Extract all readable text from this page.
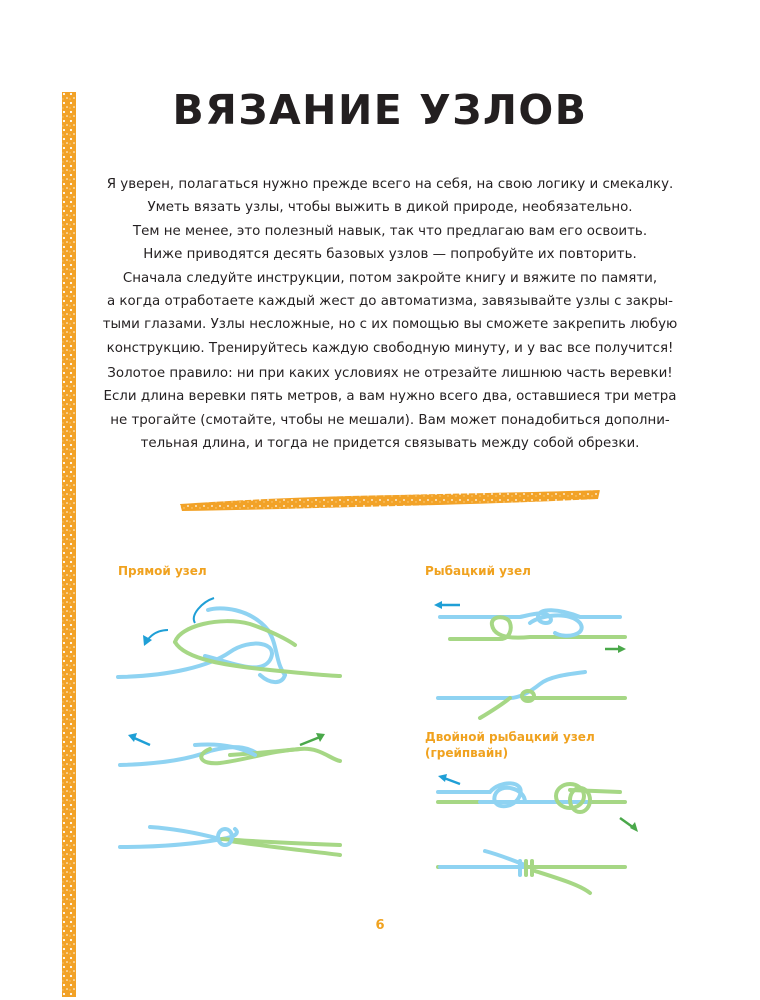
ВЯЗАНИЕ УЗЛОВ
Я уверен, полагаться нужно прежде всего на себя, на свою логику и смекалку.
Уметь вязать узлы, чтобы выжить в дикой природе, необязательно.
Тем не менее, это полезный навык, так что предлагаю вам его освоить.
Ниже приводятся десять базовых узлов — попробуйте их повторить.
Сначала следуйте инструкции, потом закройте книгу и вяжите по памяти,
а когда отработаете каждый жест до автоматизма, завязывайте узлы с закры-
тыми глазами. Узлы несложные, но с их помощью вы сможете закрепить любую
конструкцию. Тренируйтесь каждую свободную минуту, и у вас все получится!
Золотое правило: ни при каких условиях не отрезайте лишнюю часть веревки!
Если длина веревки пять метров, а вам нужно всего два, оставшиеся три метра
не трогайте (смотайте, чтобы не мешали). Вам может понадобиться дополни-
тельная длина, и тогда не придется связывать между собой обрезки.
Прямой узел	Рыбацкий узел
Двойной рыбацкий узел
(грейпвайн)
6
